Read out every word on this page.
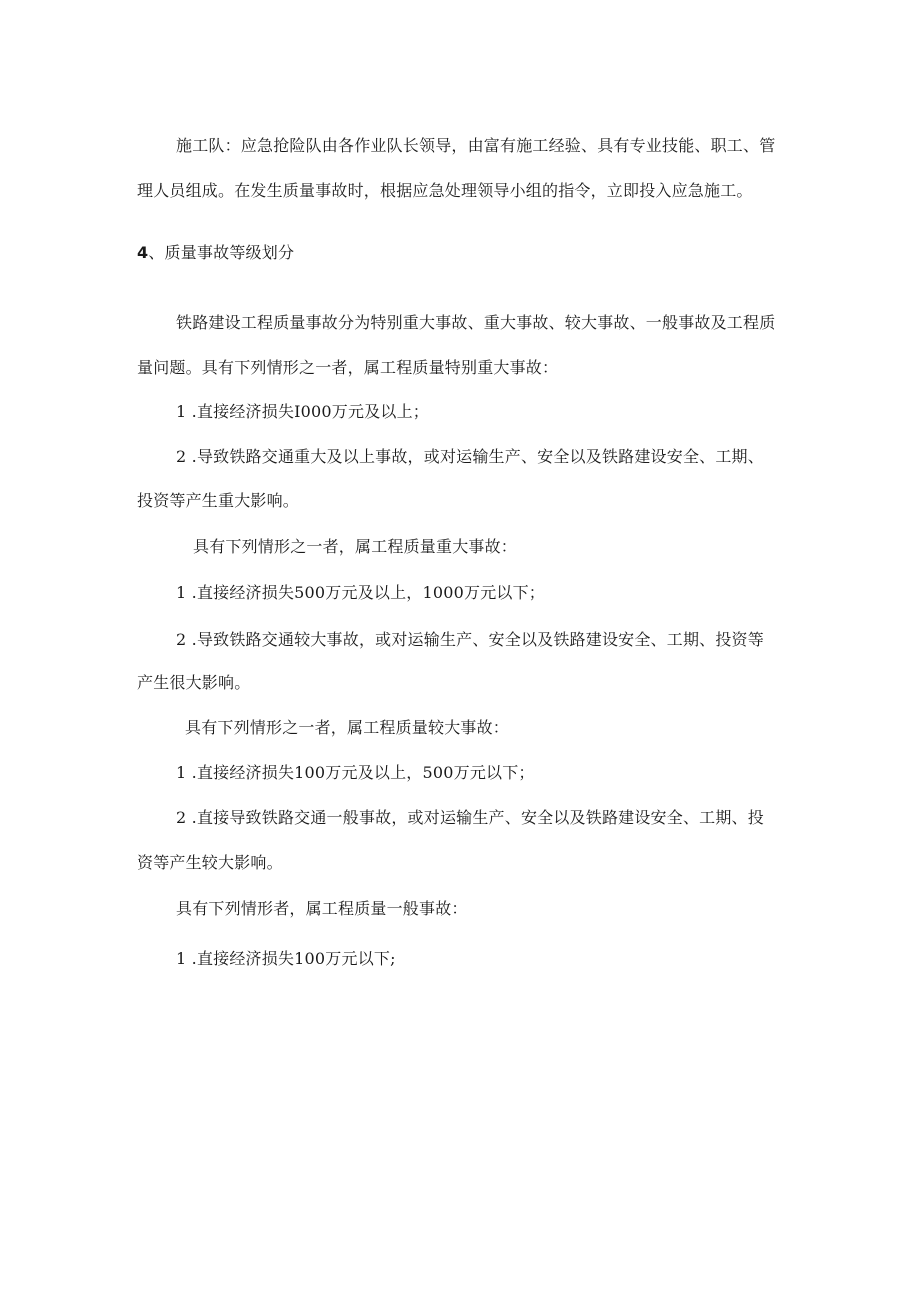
施工队：应急抢险队由各作业队长领导，由富有施工经验、具有专业技能、职工、管
理人员组成。在发生质量事故时，根据应急处理领导小组的指令，立即投入应急施工。
4、质量事故等级划分
铁路建设工程质量事故分为特别重大事故、重大事故、较大事故、一般事故及工程质
量问题。具有下列情形之一者，属工程质量特别重大事故：
1 .直接经济损失I000万元及以上；
2 .导致铁路交通重大及以上事故，或对运输生产、安全以及铁路建设安全、工期、
投资等产生重大影响。
具有下列情形之一者，属工程质量重大事故：
1 .直接经济损失500万元及以上，1000万元以下；
2 .导致铁路交通较大事故，或对运输生产、安全以及铁路建设安全、工期、投资等
产生很大影响。
具有下列情形之一者，属工程质量较大事故：
1 .直接经济损失100万元及以上，500万元以下；
2 .直接导致铁路交通一般事故，或对运输生产、安全以及铁路建设安全、工期、投
资等产生较大影响。
具有下列情形者，属工程质量一般事故：
1 .直接经济损失100万元以下;
